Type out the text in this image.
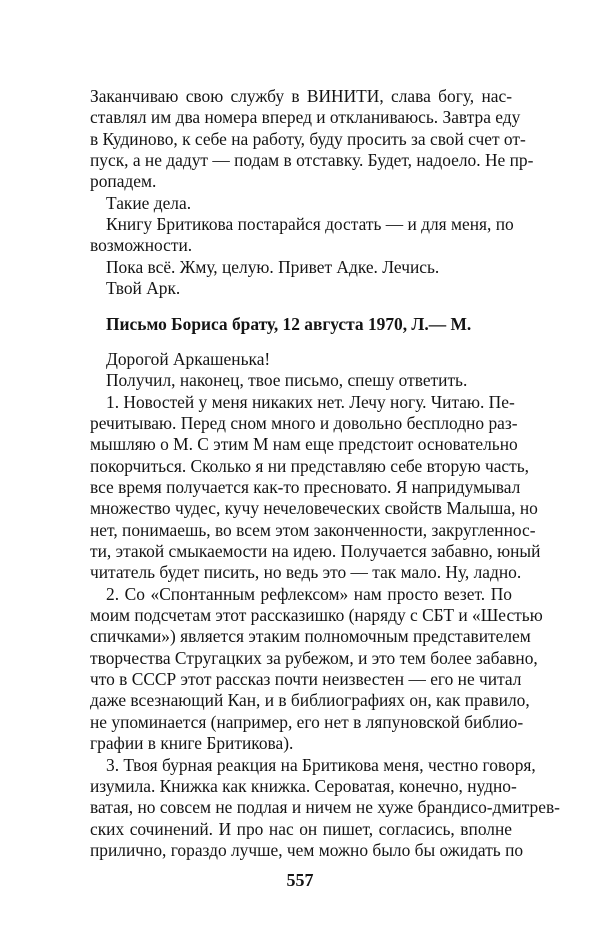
Заканчиваю свою службу в ВИНИТИ, слава богу, нас-
ставлял им два номера вперед и откланиваюсь. Завтра еду
в Кудиново, к себе на работу, буду просить за свой счет от-
пуск, а не дадут — подам в отставку. Будет, надоело. Не пр-
ропадем.
Такие дела.
Книгу Бритикова постарайся достать — и для меня, по
возможности.
Пока всё. Жму, целую. Привет Адке. Лечись.
Твой Арк.
Письмо Бориса брату, 12 августа 1970, Л.— М.
Дорогой Аркашенька!
Получил, наконец, твое письмо, спешу ответить.
1. Новостей у меня никаких нет. Лечу ногу. Читаю. Пе-
речитываю. Перед сном много и довольно бесплодно раз-
мышляю о М. С этим М нам еще предстоит основательно
покорчиться. Сколько я ни представляю себе вторую часть,
все время получается как-то пресновато. Я напридумывал
множество чудес, кучу нечеловеческих свойств Малыша, но
нет, понимаешь, во всем этом законченности, закругленнос-
ти, этакой смыкаемости на идею. Получается забавно, юный
читатель будет писить, но ведь это — так мало. Ну, ладно.
2. Со «Спонтанным рефлексом» нам просто везет. По
моим подсчетам этот рассказишко (наряду с СБТ и «Шестью
спичками») является этаким полномочным представителем
творчества Стругацких за рубежом, и это тем более забавно,
что в СССР этот рассказ почти неизвестен — его не читал
даже всезнающий Кан, и в библиографиях он, как правило,
не упоминается (например, его нет в ляпуновской библио-
графии в книге Бритикова).
3. Твоя бурная реакция на Бритикова меня, честно говоря,
изумила. Книжка как книжка. Сероватая, конечно, нудно-
ватая, но совсем не подлая и ничем не хуже брандисо-дмитрев-
ских сочинений. И про нас он пишет, согласись, вполне
прилично, гораздо лучше, чем можно было бы ожидать по
557
